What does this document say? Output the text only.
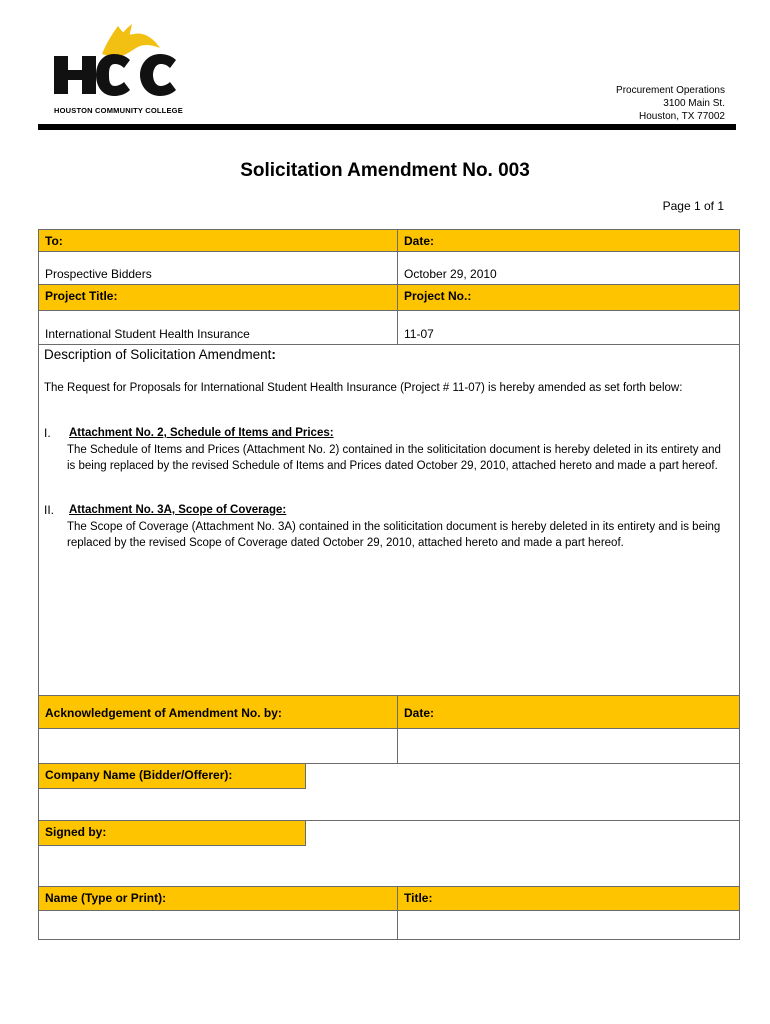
HOUSTON COMMUNITY COLLEGE
Procurement Operations
3100 Main St.
Houston, TX 77002
Solicitation Amendment No. 003
Page 1 of 1
To:	Date:
Prospective Bidders	October 29, 2010
Project Title:	Project No.:
International Student Health Insurance	11-07
Description of Solicitation Amendment:
The Request for Proposals for International Student Health Insurance (Project # 11-07) is hereby amended as set forth below:
I. Attachment No. 2, Schedule of Items and Prices:
The Schedule of Items and Prices (Attachment No. 2) contained in the soliticitation document is hereby deleted in its entirety and is being replaced by the revised Schedule of Items and Prices dated October 29, 2010, attached hereto and made a part hereof.
II. Attachment No. 3A, Scope of Coverage:
The Scope of Coverage (Attachment No. 3A) contained in the soliticitation document is hereby deleted in its entirety and is being replaced by the revised Scope of Coverage dated October 29, 2010, attached hereto and made a part hereof.
Acknowledgement of Amendment No. by:	Date:
Company Name (Bidder/Offerer):
Signed by:
Name (Type or Print):	Title:
